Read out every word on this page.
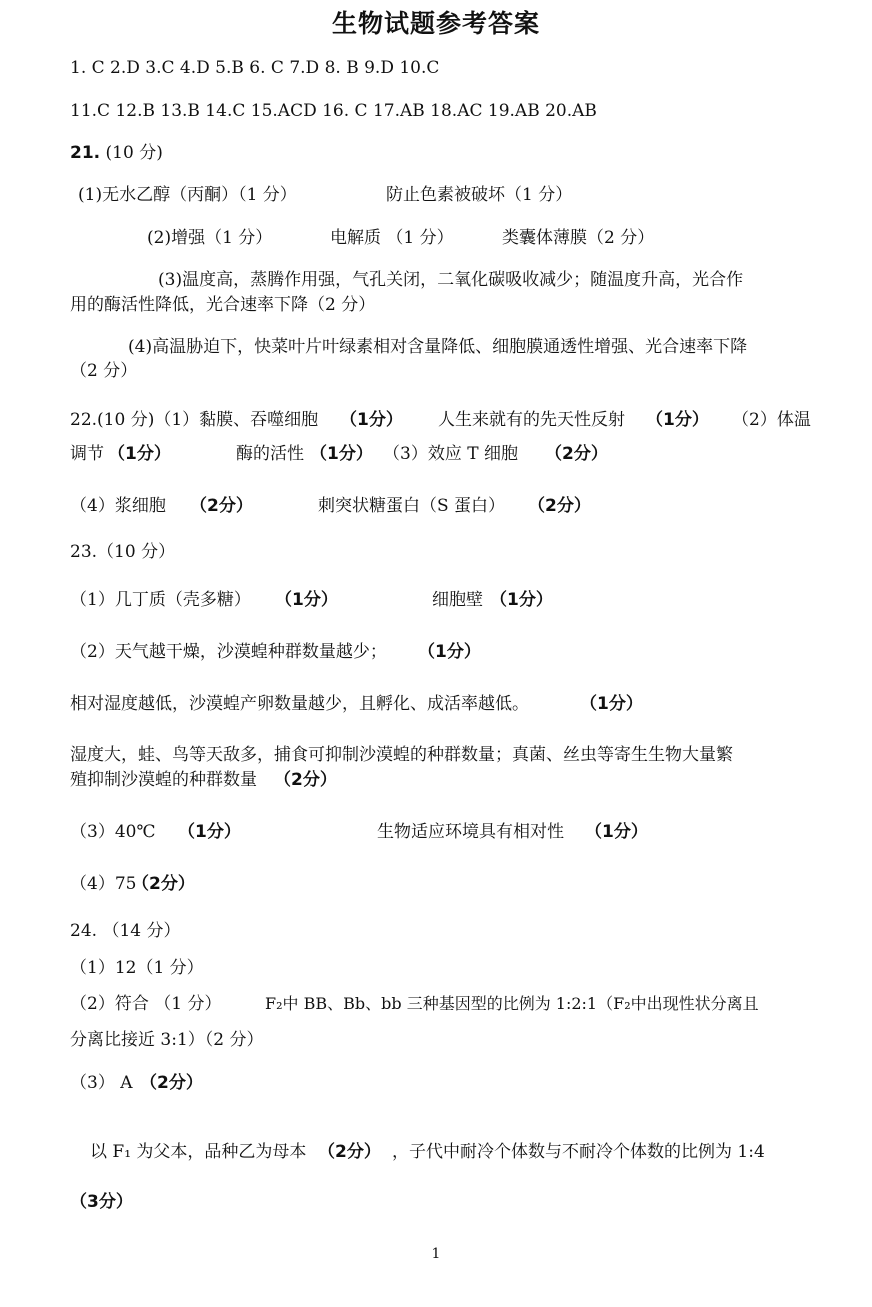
生物试题参考答案
1. C 2.D 3.C 4.D 5.B 6. C 7.D 8. B 9.D 10.C
11.C 12.B 13.B 14.C 15.ACD 16. C 17.AB 18.AC 19.AB 20.AB
21. (10 分)
(1)无水乙醇（丙酮）（1 分）	防止色素被破坏（1 分）
(2)增强（1 分）	电解质 （1 分）	类囊体薄膜（2 分）
(3)温度高，蒸腾作用强，气孔关闭，二氧化碳吸收减少；随温度升高，光合作
用的酶活性降低，光合速率下降（2 分）
(4)高温胁迫下，快菜叶片叶绿素相对含量降低、细胞膜通透性增强、光合速率下降
（2 分）
22.(10 分)（1）黏膜、吞噬细胞 （1分） 人生来就有的先天性反射 （1分） （2）体温
调节 （1分）	酶的活性 （1分） （3）效应 T 细胞 （2分）
（4）浆细胞 （2分）	刺突状糖蛋白（S 蛋白） （2分）
23.（10 分）
（1）几丁质（壳多糖） （1分）	细胞壁 （1分）
（2）天气越干燥，沙漠蝗种群数量越少； （1分）
相对湿度越低，沙漠蝗产卵数量越少，且孵化、成活率越低。	（1分）
湿度大，蛙、鸟等天敌多，捕食可抑制沙漠蝗的种群数量；真菌、丝虫等寄生生物大量繁
殖抑制沙漠蝗的种群数量 （2分）
（3）40℃ （1分）	生物适应环境具有相对性 （1分）
（4）75
（2分）
24. （14 分）
（1）12（1 分）
（2）符合 （1 分）	F₂中 BB、Bb、bb 三种基因型的比例为 1:2:1（F₂中出现性状分离且
分离比接近 3:1）（2 分）
（3） A （2分）
以 F₁ 为父本，品种乙为母本 （2分） ，子代中耐冷个体数与不耐冷个体数的比例为 1:4
（3分）
1
